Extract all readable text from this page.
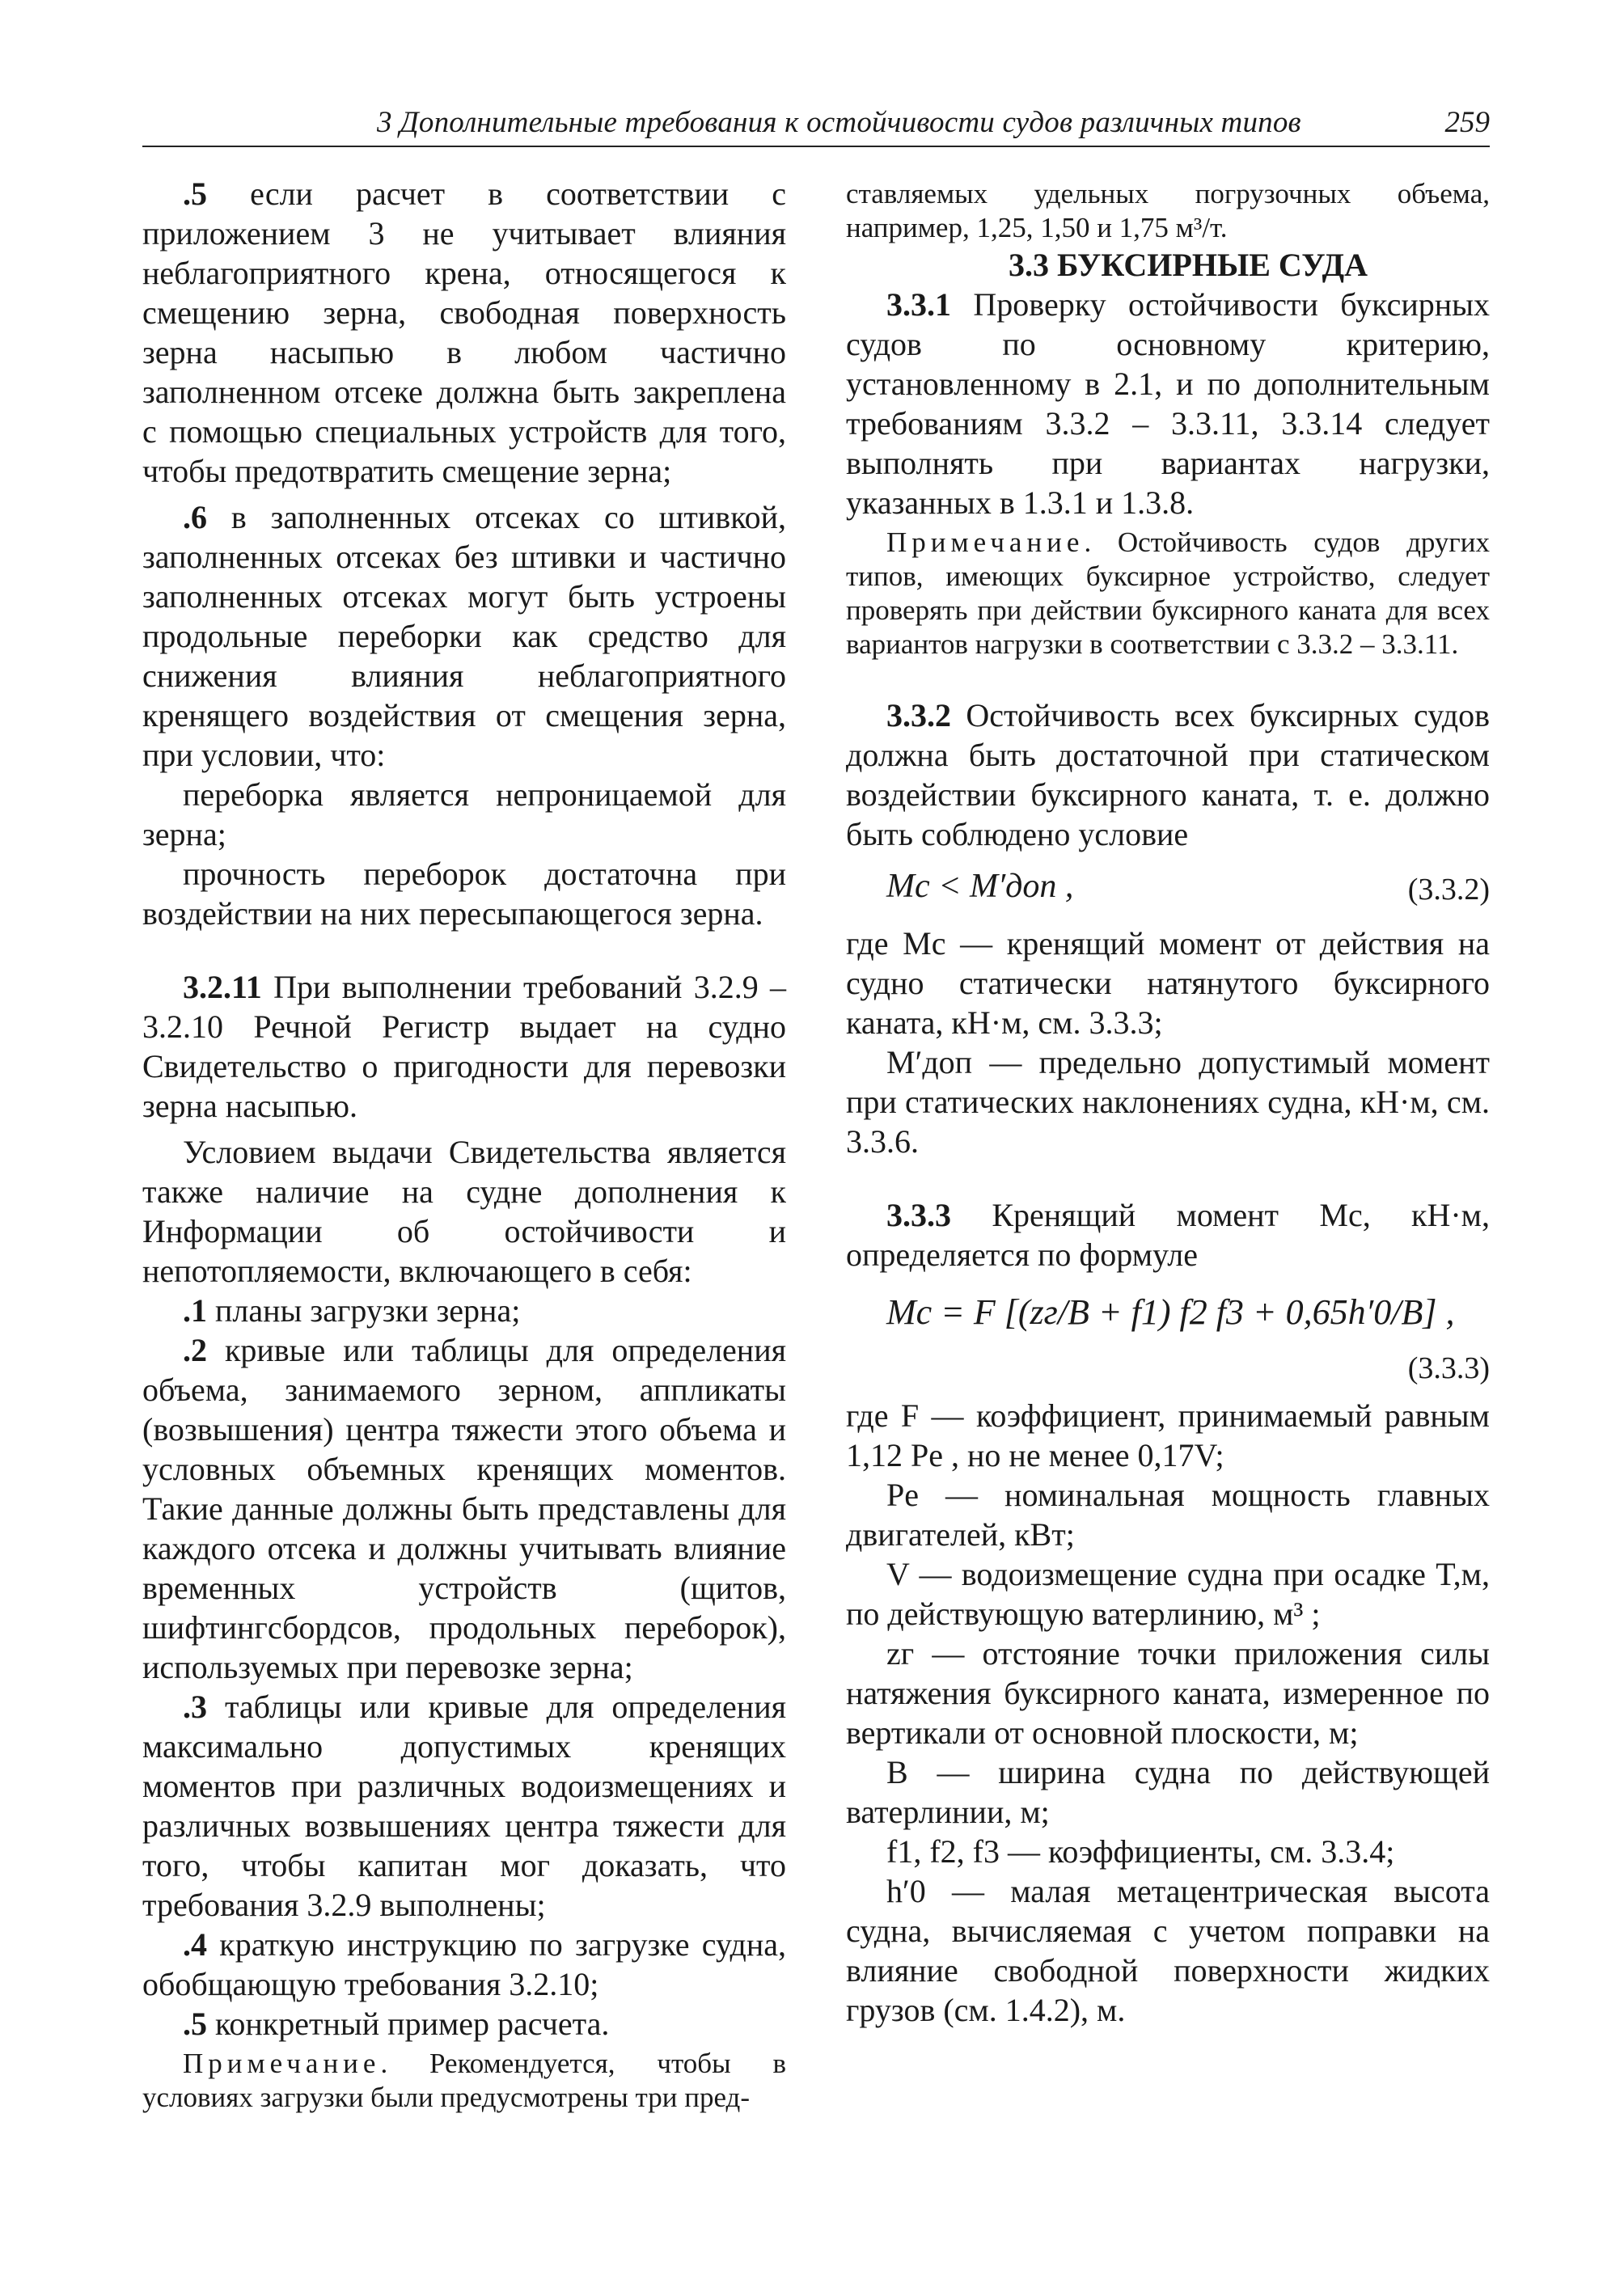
3 Дополнительные требования к остойчивости судов различных типов	259

.5 если расчет в соответствии с приложением 3 не учитывает влияния неблагоприятного крена, относящегося к смещению зерна, свободная поверхность зерна насыпью в любом частично заполненном отсеке должна быть закреплена с помощью специальных устройств для того, чтобы предотвратить смещение зерна;

.6 в заполненных отсеках со штивкой, заполненных отсеках без штивки и частично заполненных отсеках могут быть устроены продольные переборки как средство для снижения влияния неблагоприятного кренящего воздействия от смещения зерна, при условии, что:

переборка является непроницаемой для зерна;

прочность переборок достаточна при воздействии на них пересыпающегося зерна.

3.2.11 При выполнении требований 3.2.9 – 3.2.10 Речной Регистр выдает на судно Свидетельство о пригодности для перевозки зерна насыпью.

Условием выдачи Свидетельства является также наличие на судне дополнения к Информации об остойчивости и непотопляемости, включающего в себя:

.1 планы загрузки зерна;

.2 кривые или таблицы для определения объема, занимаемого зерном, аппликаты (возвышения) центра тяжести этого объема и условных объемных кренящих моментов. Такие данные должны быть представлены для каждого отсека и должны учитывать влияние временных устройств (щитов, шифтингсбордсов, продольных переборок), используемых при перевозке зерна;

.3 таблицы или кривые для определения максимально допустимых кренящих моментов при различных водоизмещениях и различных возвышениях центра тяжести для того, чтобы капитан мог доказать, что требования 3.2.9 выполнены;

.4 краткую инструкцию по загрузке судна, обобщающую требования 3.2.10;

.5 конкретный пример расчета.

Примечание. Рекомендуется, чтобы в условиях загрузки были предусмотрены три пред-

ставляемых удельных погрузочных объема, например, 1,25, 1,50 и 1,75 м³/т.

3.3 БУКСИРНЫЕ СУДА

3.3.1 Проверку остойчивости буксирных судов по основному критерию, установленному в 2.1, и по дополнительным требованиям 3.3.2 – 3.3.11, 3.3.14 следует выполнять при вариантах нагрузки, указанных в 1.3.1 и 1.3.8.

Примечание. Остойчивость судов других типов, имеющих буксирное устройство, следует проверять при действии буксирного каната для всех вариантов нагрузки в соответствии с 3.3.2 – 3.3.11.

3.3.2 Остойчивость всех буксирных судов должна быть достаточной при статическом воздействии буксирного каната, т. е. должно быть соблюдено условие

Mс < M′доп ,	(3.3.2)

где Mс — кренящий момент от действия на судно статически натянутого буксирного каната, кН·м, см. 3.3.3;

M′доп — предельно допустимый момент при статических наклонениях судна, кН·м, см. 3.3.6.

3.3.3 Кренящий момент Mс, кН·м, определяется по формуле

Mс = F [(zг/B + f1) f2 f3 + 0,65h′0/B] ,
(3.3.3)

где F — коэффициент, принимаемый равным 1,12 Pе , но не менее 0,17V;

Pе — номинальная мощность главных двигателей, кВт;

V — водоизмещение судна при осадке T,м, по действующую ватерлинию, м³ ;

zг — отстояние точки приложения силы натяжения буксирного каната, измеренное по вертикали от основной плоскости, м;

B — ширина судна по действующей ватерлинии, м;

f1, f2, f3 — коэффициенты, см. 3.3.4;

h′0 — малая метацентрическая высота судна, вычисляемая с учетом поправки на влияние свободной поверхности жидких грузов (см. 1.4.2), м.
